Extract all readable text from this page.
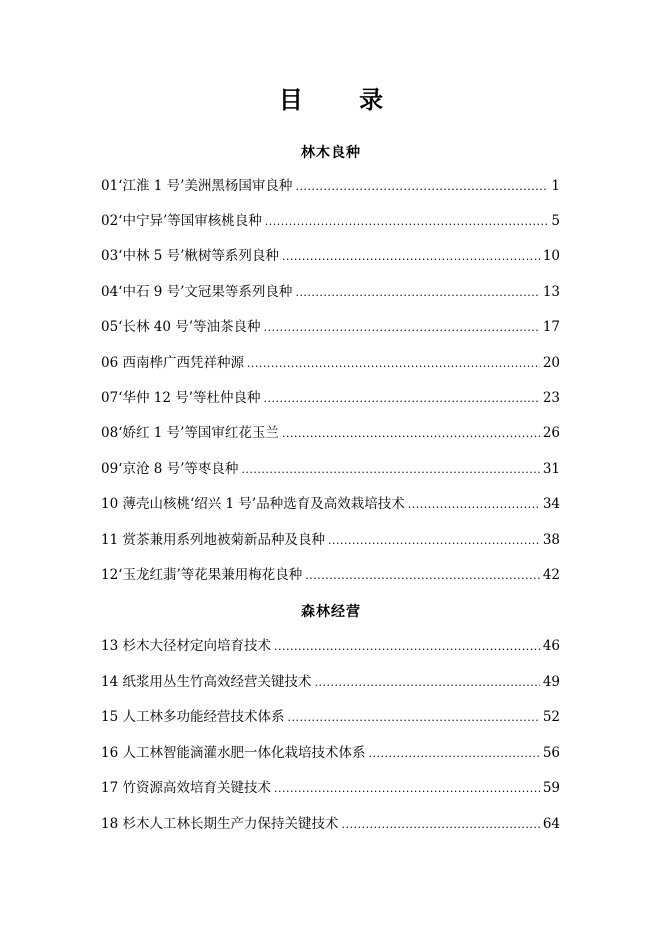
目 录
林木良种
01‘江淮 1 号’美洲黑杨国审良种 .....	1
02‘中宁异’等国审核桃良种 .....	5
03‘中林 5 号’楸树等系列良种 .....	10
04‘中石 9 号’文冠果等系列良种 .....	13
05‘长林 40 号’等油茶良种 .....	17
06 西南桦广西凭祥种源 .....	20
07‘华仲 12 号’等杜仲良种 .....	23
08‘娇红 1 号’等国审红花玉兰 .....	26
09‘京沧 8 号’等枣良种 .....	31
10 薄壳山核桃‘绍兴 1 号’品种选育及高效栽培技术 .....	34
11 赏茶兼用系列地被菊新品种及良种 .....	38
12‘玉龙红翡’等花果兼用梅花良种 .....	42
森林经营
13 杉木大径材定向培育技术 .....	46
14 纸浆用丛生竹高效经营关键技术 .....	49
15 人工林多功能经营技术体系 .....	52
16 人工林智能滴灌水肥一体化栽培技术体系 .....	56
17 竹资源高效培育关键技术 .....	59
18 杉木人工林长期生产力保持关键技术 .....	64
